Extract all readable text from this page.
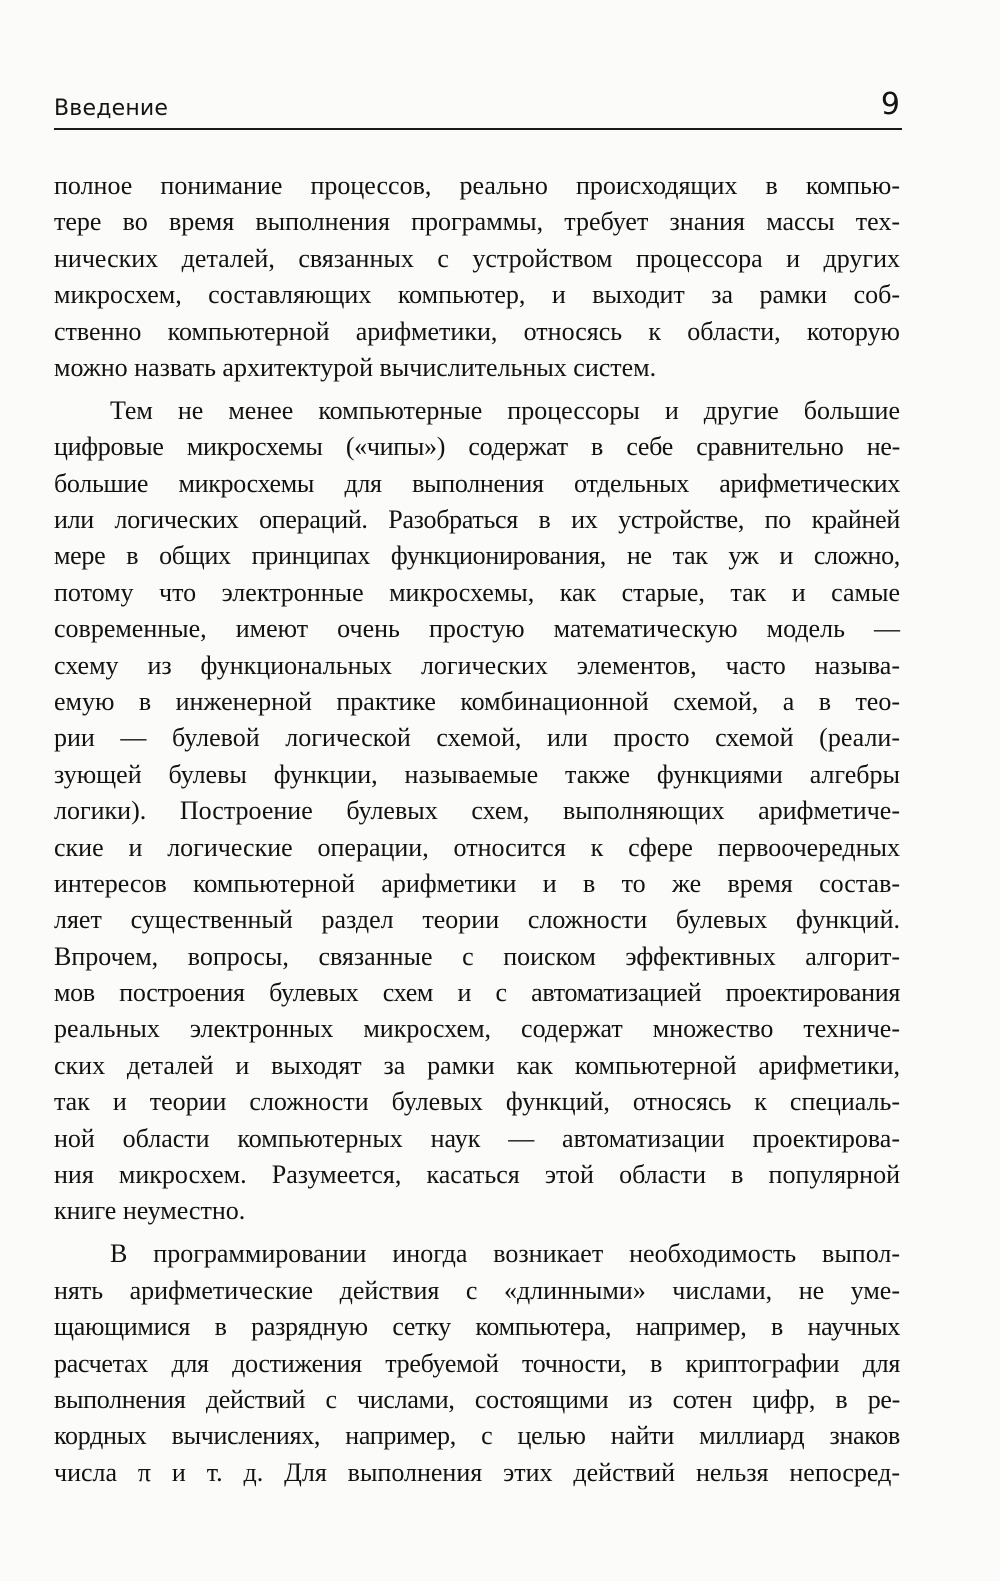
Введение	9

полное понимание процессов, реально происходящих в компью-
тере во время выполнения программы, требует знания массы тех-
нических деталей, связанных с устройством процессора и других
микросхем, составляющих компьютер, и выходит за рамки соб-
ственно компьютерной арифметики, относясь к области, которую
можно назвать архитектурой вычислительных систем.

Тем не менее компьютерные процессоры и другие большие
цифровые микросхемы («чипы») содержат в себе сравнительно не-
большие микросхемы для выполнения отдельных арифметических
или логических операций. Разобраться в их устройстве, по крайней
мере в общих принципах функционирования, не так уж и сложно,
потому что электронные микросхемы, как старые, так и самые
современные, имеют очень простую математическую модель —
схему из функциональных логических элементов, часто называ-
емую в инженерной практике комбинационной схемой, а в тео-
рии — булевой логической схемой, или просто схемой (реали-
зующей булевы функции, называемые также функциями алгебры
логики). Построение булевых схем, выполняющих арифметиче-
ские и логические операции, относится к сфере первоочередных
интересов компьютерной арифметики и в то же время состав-
ляет существенный раздел теории сложности булевых функций.
Впрочем, вопросы, связанные с поиском эффективных алгорит-
мов построения булевых схем и с автоматизацией проектирования
реальных электронных микросхем, содержат множество техниче-
ских деталей и выходят за рамки как компьютерной арифметики,
так и теории сложности булевых функций, относясь к специаль-
ной области компьютерных наук — автоматизации проектирова-
ния микросхем. Разумеется, касаться этой области в популярной
книге неуместно.

В программировании иногда возникает необходимость выпол-
нять арифметические действия с «длинными» числами, не уме-
щающимися в разрядную сетку компьютера, например, в научных
расчетах для достижения требуемой точности, в криптографии для
выполнения действий с числами, состоящими из сотен цифр, в ре-
кордных вычислениях, например, с целью найти миллиард знаков
числа π и т. д. Для выполнения этих действий нельзя непосред-
